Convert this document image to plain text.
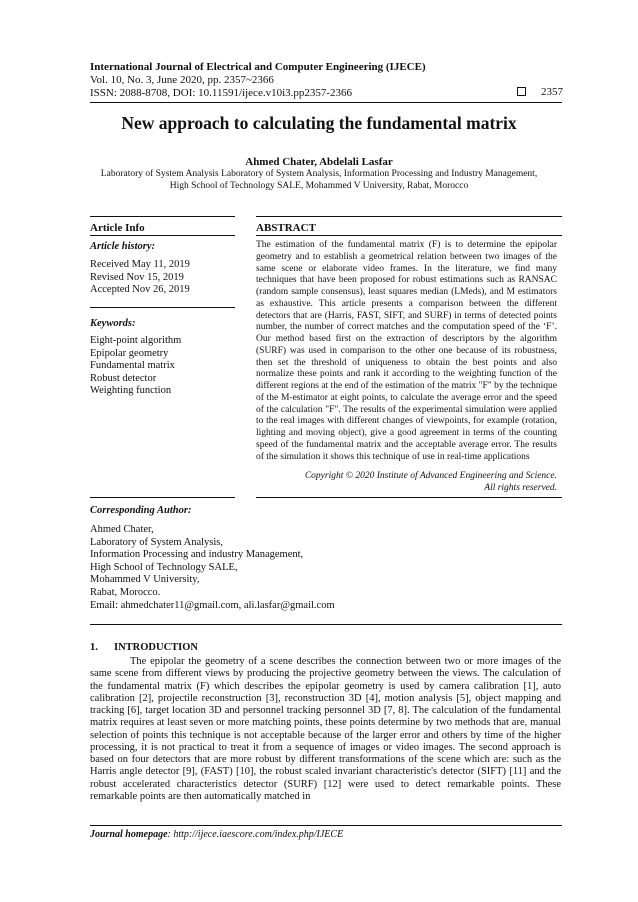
International Journal of Electrical and Computer Engineering (IJECE)
Vol. 10, No. 3, June 2020, pp. 2357~2366
ISSN: 2088-8708, DOI: 10.11591/ijece.v10i3.pp2357-2366	2357
New approach to calculating the fundamental matrix
Ahmed Chater, Abdelali Lasfar
Laboratory of System Analysis Laboratory of System Analysis, Information Processing and Industry Management,
High School of Technology SALE, Mohammed V University, Rabat, Morocco
Article Info	ABSTRACT
Article history:
Received May 11, 2019
Revised Nov 15, 2019
Accepted Nov 26, 2019
Keywords:
Eight-point algorithm
Epipolar geometry
Fundamental matrix
Robust detector
Weighting function
The estimation of the fundamental matrix (F) is to determine the epipolar geometry and to establish a geometrical relation between two images of the same scene or elaborate video frames. In the literature, we find many techniques that have been proposed for robust estimations such as RANSAC (random sample consensus), least squares median (LMeds), and M estimators as exhaustive. This article presents a comparison between the different detectors that are (Harris, FAST, SIFT, and SURF) in terms of detected points number, the number of correct matches and the computation speed of the ‘F’. Our method based first on the extraction of descriptors by the algorithm (SURF) was used in comparison to the other one because of its robustness, then set the threshold of uniqueness to obtain the best points and also normalize these points and rank it according to the weighting function of the different regions at the end of the estimation of the matrix "F" by the technique of the M-estimator at eight points, to calculate the average error and the speed of the calculation "F". The results of the experimental simulation were applied to the real images with different changes of viewpoints, for example (rotation, lighting and moving object), give a good agreement in terms of the counting speed of the fundamental matrix and the acceptable average error. The results of the simulation it shows this technique of use in real-time applications
Copyright © 2020 Institute of Advanced Engineering and Science.
All rights reserved.
Corresponding Author:
Ahmed Chater,
Laboratory of System Analysis,
Information Processing and industry Management,
High School of Technology SALE,
Mohammed V University,
Rabat, Morocco.
Email: ahmedchater11@gmail.com, ali.lasfar@gmail.com
1. INTRODUCTION
The epipolar the geometry of a scene describes the connection between two or more images of the same scene from different views by producing the projective geometry between the views. The calculation of the fundamental matrix (F) which describes the epipolar geometry is used by camera calibration [1], auto calibration [2], projectile reconstruction [3], reconstruction 3D [4], motion analysis [5], object mapping and tracking [6], target location 3D and personnel tracking personnel 3D [7, 8]. The calculation of the fundamental matrix requires at least seven or more matching points, these points determine by two methods that are, manual selection of points this technique is not acceptable because of the larger error and others by time of the higher processing, it is not practical to treat it from a sequence of images or video images. The second approach is based on four detectors that are more robust by different transformations of the scene which are: such as the Harris angle detector [9], (FAST) [10], the robust scaled invariant characteristic's detector (SIFT) [11] and the robust accelerated characteristics detector (SURF) [12] were used to detect remarkable points. These remarkable points are then automatically matched in
Journal homepage: http://ijece.iaescore.com/index.php/IJECE
